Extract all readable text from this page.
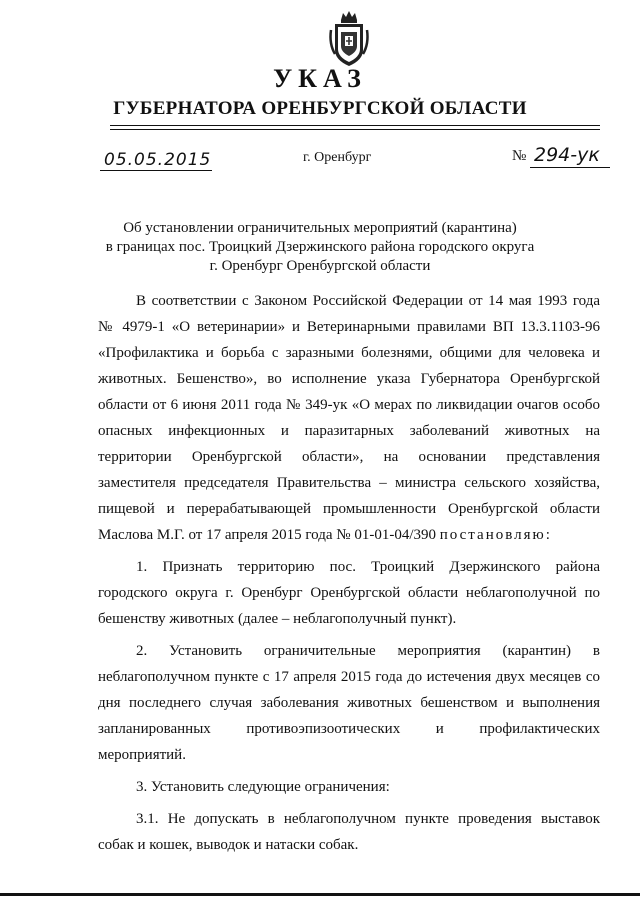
УКАЗ
ГУБЕРНАТОРА ОРЕНБУРГСКОЙ ОБЛАСТИ
05.05.2015	г. Оренбург	№ 294-ук
Об установлении ограничительных мероприятий (карантина)
в границах пос. Троицкий Дзержинского района городского округа
г. Оренбург Оренбургской области
В соответствии с Законом Российской Федерации от 14 мая 1993 года
№ 4979-1 «О ветеринарии» и Ветеринарными правилами ВП 13.3.1103-96
«Профилактика и борьба с заразными болезнями, общими для человека и
животных. Бешенство», во исполнение указа Губернатора Оренбургской
области от 6 июня 2011 года № 349-ук «О мерах по ликвидации очагов особо
опасных инфекционных и паразитарных заболеваний животных на
территории Оренбургской области», на основании представления
заместителя председателя Правительства – министра сельского хозяйства,
пищевой и перерабатывающей промышленности Оренбургской области
Маслова М.Г. от 17 апреля 2015 года № 01-01-04/390 постановляю:
1. Признать территорию пос. Троицкий Дзержинского района
городского округа г. Оренбург Оренбургской области неблагополучной по
бешенству животных (далее – неблагополучный пункт).
2. Установить ограничительные мероприятия (карантин) в
неблагополучном пункте с 17 апреля 2015 года до истечения двух месяцев со
дня последнего случая заболевания животных бешенством и выполнения
запланированных противоэпизоотических и профилактических
мероприятий.
3. Установить следующие ограничения:
3.1. Не допускать в неблагополучном пункте проведения выставок
собак и кошек, выводок и натаски собак.
